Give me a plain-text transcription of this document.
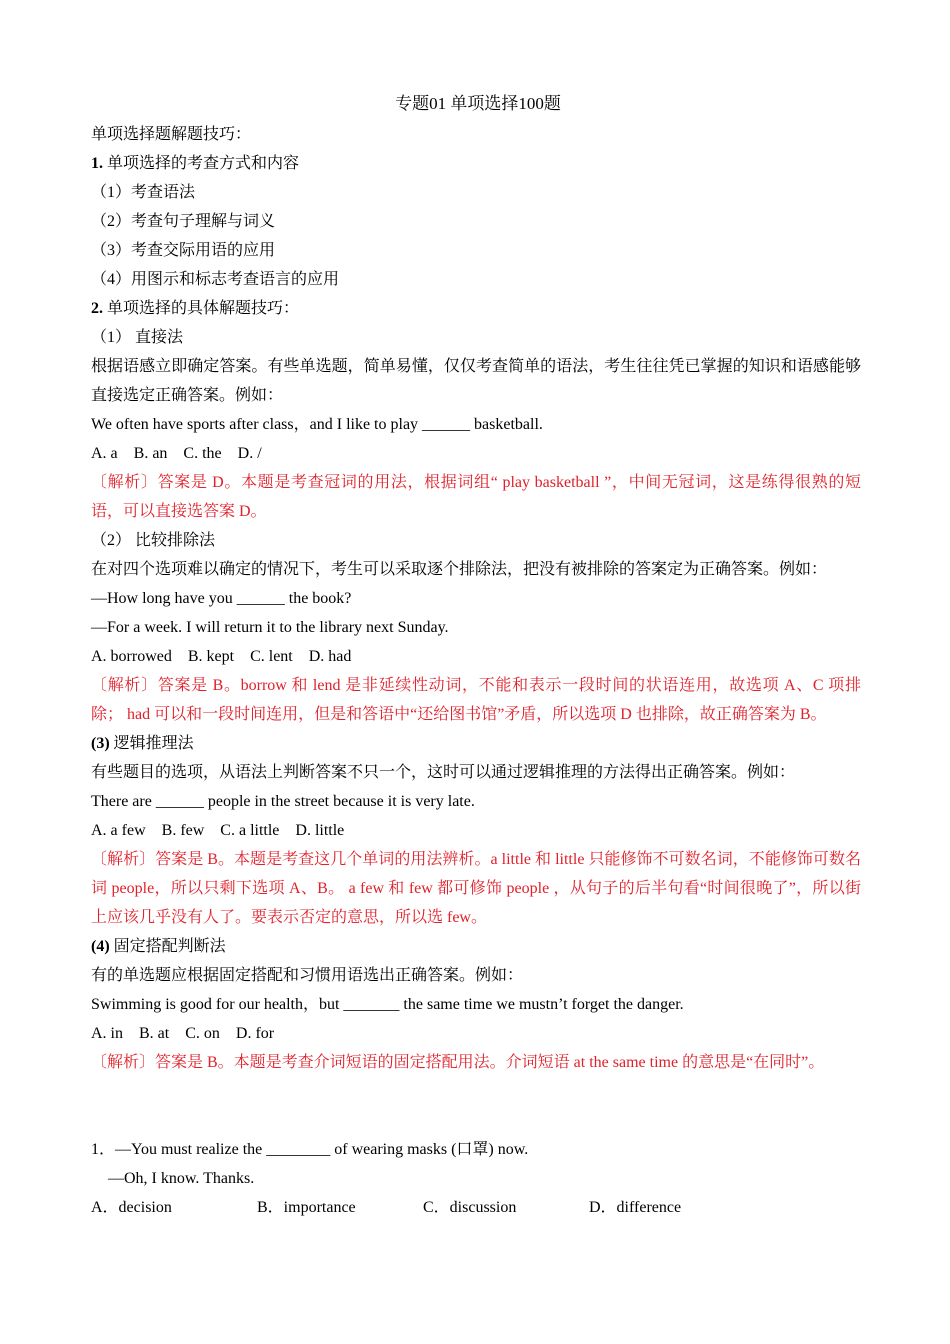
专题01 单项选择100题
单项选择题解题技巧：
1. 单项选择的考查方式和内容
（1）考查语法
（2）考查句子理解与词义
（3）考查交际用语的应用
（4）用图示和标志考查语言的应用
2. 单项选择的具体解题技巧：
（1） 直接法
根据语感立即确定答案。有些单选题，简单易懂，仅仅考查简单的语法，考生往往凭已掌握的知识和语感能够直接选定正确答案。例如：
We often have sports after class，and I like to play ______ basketball.
A. a    B. an    C. the    D. /
〔解析〕答案是 D。本题是考查冠词的用法，根据词组“ play basketball ”，中间无冠词，这是练得很熟的短语，可以直接选答案 D。
（2） 比较排除法
在对四个选项难以确定的情况下，考生可以采取逐个排除法，把没有被排除的答案定为正确答案。例如：
—How long have you ______ the book?
—For a week. I will return it to the library next Sunday.
A. borrowed    B. kept    C. lent    D. had
〔解析〕答案是 B。borrow 和 lend 是非延续性动词，不能和表示一段时间的状语连用，故选项 A、C 项排除； had 可以和一段时间连用，但是和答语中“还给图书馆”矛盾，所以选项 D 也排除，故正确答案为 B。
(3) 逻辑推理法
有些题目的选项，从语法上判断答案不只一个，这时可以通过逻辑推理的方法得出正确答案。例如：
There are ______ people in the street because it is very late.
A. a few    B. few    C. a little    D. little
〔解析〕答案是 B。本题是考查这几个单词的用法辨析。a little 和 little 只能修饰不可数名词，不能修饰可数名词 people，所以只剩下选项 A、B。 a few 和 few 都可修饰 people ，从句子的后半句看“时间很晚了”，所以街上应该几乎没有人了。要表示否定的意思，所以选 few。
(4) 固定搭配判断法
有的单选题应根据固定搭配和习惯用语选出正确答案。例如：
Swimming is good for our health，but _______ the same time we mustn’t forget the danger.
A. in    B. at    C. on    D. for
〔解析〕答案是 B。本题是考查介词短语的固定搭配用法。介词短语 at the same time 的意思是“在同时”。
1．—You must realize the ________ of wearing masks (口罩) now.
—Oh, I know. Thanks.
A．decision	B．importance	C．discussion	D．difference
